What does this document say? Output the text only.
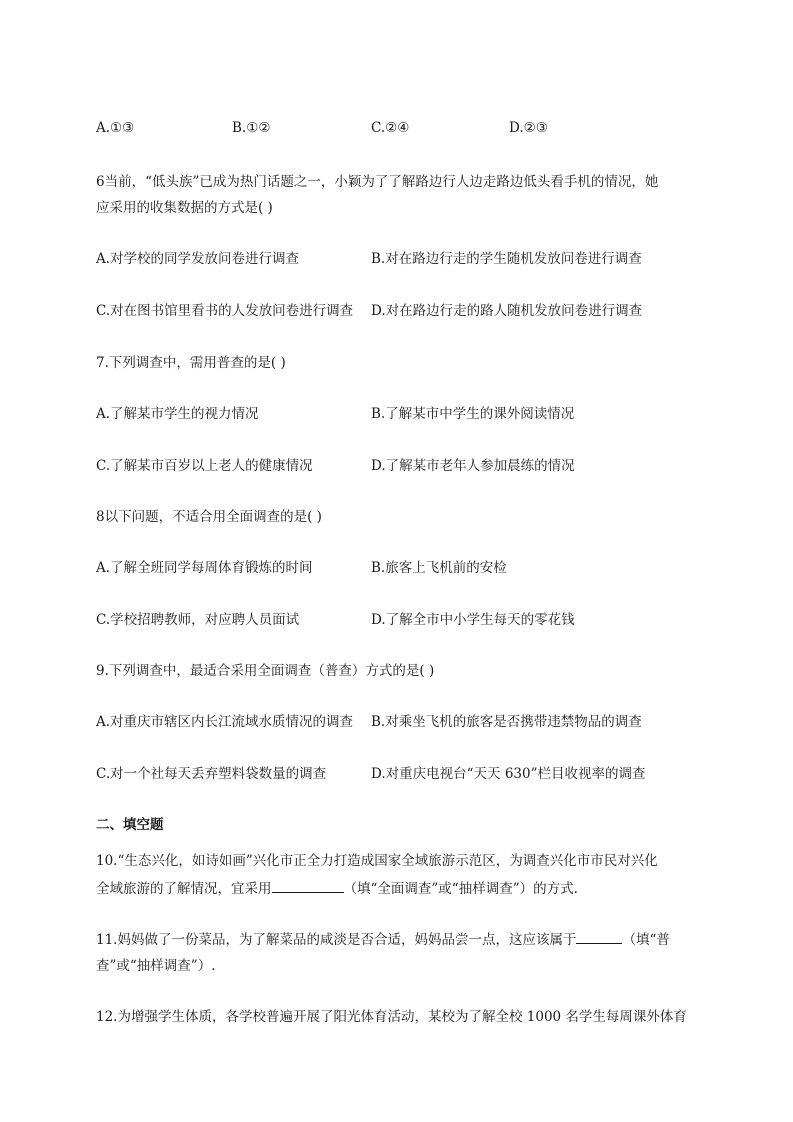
A.①③	B.①②	C.②④	D.②③
6当前，“低头族”已成为热门话题之一，小颖为了了解路边行人边走路边低头看手机的情况，她
应采用的收集数据的方式是( )
A.对学校的同学发放问卷进行调查	B.对在路边行走的学生随机发放问卷进行调查
C.对在图书馆里看书的人发放问卷进行调查 D.对在路边行走的路人随机发放问卷进行调查
7.下列调查中，需用普查的是( )
A.了解某市学生的视力情况	B.了解某市中学生的课外阅读情况
C.了解某市百岁以上老人的健康情况	D.了解某市老年人参加晨练的情况
8以下问题，不适合用全面调查的是( )
A.了解全班同学每周体育锻炼的时间	B.旅客上飞机前的安检
C.学校招聘教师，对应聘人员面试	D.了解全市中小学生每天的零花钱
9.下列调查中，最适合采用全面调查（普查）方式的是( )
A.对重庆市辖区内长江流域水质情况的调查 B.对乘坐飞机的旅客是否携带违禁物品的调查
C.对一个社每天丢弃塑料袋数量的调查	D.对重庆电视台“天天 630”栏目收视率的调查
二、填空题
10.“生态兴化，如诗如画”兴化市正全力打造成国家全域旅游示范区，为调查兴化市市民对兴化
全域旅游的了解情况，宜采用	（填“全面调查”或“抽样调查”）的方式.
11.妈妈做了一份菜品，为了解菜品的咸淡是否合适，妈妈品尝一点，这应该属于	（填“普
查”或“抽样调查”）.
12.为增强学生体质，各学校普遍开展了阳光体育活动，某校为了解全校 1000 名学生每周课外体育
